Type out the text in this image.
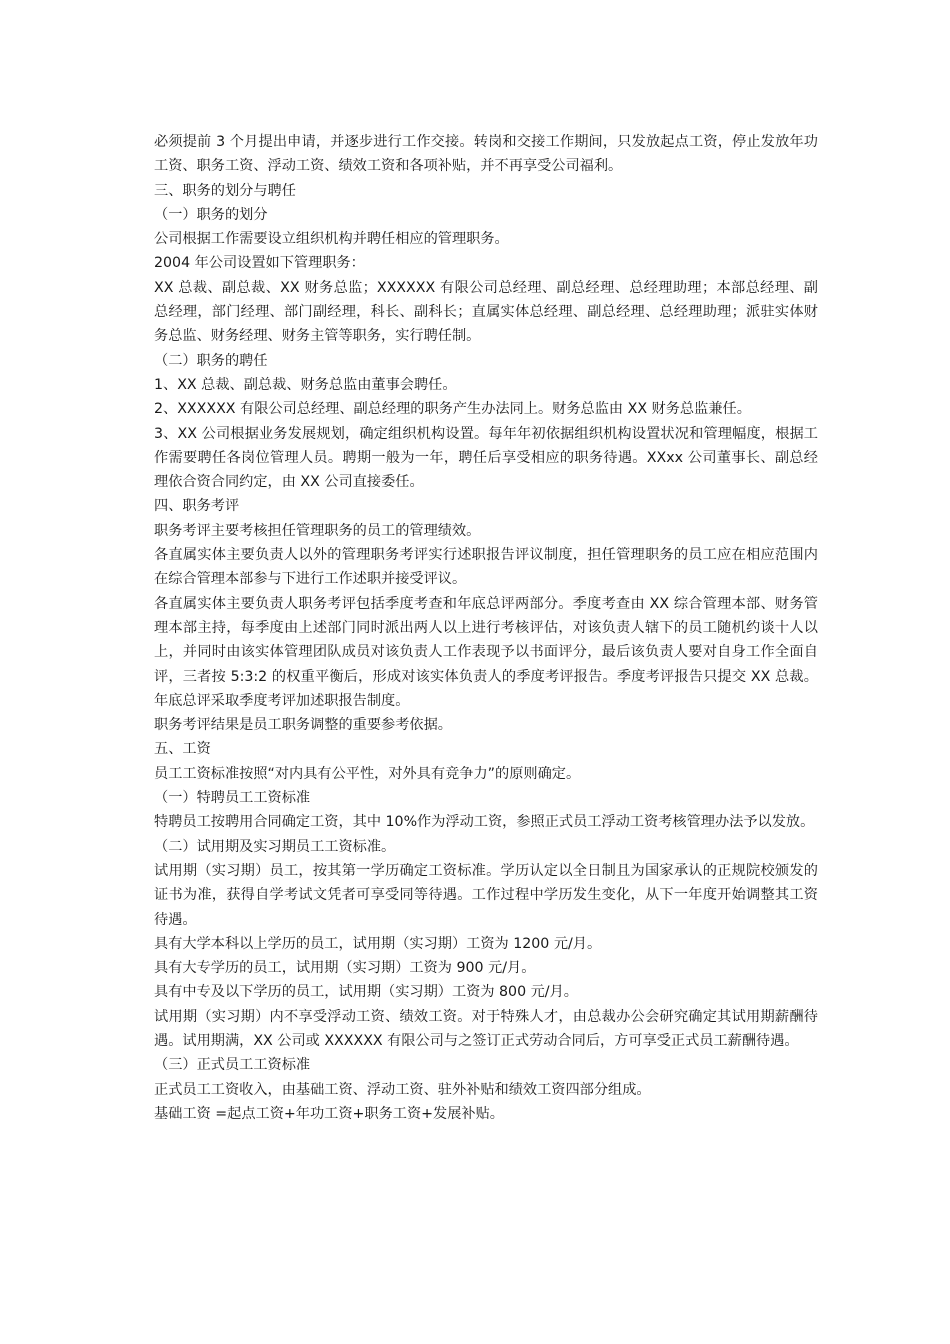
必须提前 3 个月提出申请，并逐步进行工作交接。转岗和交接工作期间，只发放起点工资，停止发放年功工资、职务工资、浮动工资、绩效工资和各项补贴，并不再享受公司福利。

三、职务的划分与聘任

（一）职务的划分

公司根据工作需要设立组织机构并聘任相应的管理职务。

2004 年公司设置如下管理职务：

XX 总裁、副总裁、XX 财务总监；XXXXXX 有限公司总经理、副总经理、总经理助理；本部总经理、副总经理，部门经理、部门副经理，科长、副科长；直属实体总经理、副总经理、总经理助理；派驻实体财务总监、财务经理、财务主管等职务，实行聘任制。

（二）职务的聘任

1、XX 总裁、副总裁、财务总监由董事会聘任。

2、XXXXXX 有限公司总经理、副总经理的职务产生办法同上。财务总监由 XX 财务总监兼任。

3、XX 公司根据业务发展规划，确定组织机构设置。每年年初依据组织机构设置状况和管理幅度，根据工作需要聘任各岗位管理人员。聘期一般为一年，聘任后享受相应的职务待遇。XXxx 公司董事长、副总经理依合资合同约定，由 XX 公司直接委任。

四、职务考评

职务考评主要考核担任管理职务的员工的管理绩效。

各直属实体主要负责人以外的管理职务考评实行述职报告评议制度，担任管理职务的员工应在相应范围内在综合管理本部参与下进行工作述职并接受评议。

各直属实体主要负责人职务考评包括季度考查和年底总评两部分。季度考查由 XX 综合管理本部、财务管理本部主持，每季度由上述部门同时派出两人以上进行考核评估，对该负责人辖下的员工随机约谈十人以上，并同时由该实体管理团队成员对该负责人工作表现予以书面评分，最后该负责人要对自身工作全面自评，三者按 5:3:2 的权重平衡后，形成对该实体负责人的季度考评报告。季度考评报告只提交 XX 总裁。年底总评采取季度考评加述职报告制度。

职务考评结果是员工职务调整的重要参考依据。

五、工资

员工工资标准按照“对内具有公平性，对外具有竞争力”的原则确定。

（一）特聘员工工资标准

特聘员工按聘用合同确定工资，其中 10%作为浮动工资，参照正式员工浮动工资考核管理办法予以发放。

（二）试用期及实习期员工工资标准。

试用期（实习期）员工，按其第一学历确定工资标准。学历认定以全日制且为国家承认的正规院校颁发的证书为准，获得自学考试文凭者可享受同等待遇。工作过程中学历发生变化，从下一年度开始调整其工资待遇。

具有大学本科以上学历的员工，试用期（实习期）工资为 1200 元/月。

具有大专学历的员工，试用期（实习期）工资为 900 元/月。

具有中专及以下学历的员工，试用期（实习期）工资为 800 元/月。

试用期（实习期）内不享受浮动工资、绩效工资。对于特殊人才，由总裁办公会研究确定其试用期薪酬待遇。试用期满，XX 公司或 XXXXXX 有限公司与之签订正式劳动合同后，方可享受正式员工薪酬待遇。

（三）正式员工工资标准

正式员工工资收入，由基础工资、浮动工资、驻外补贴和绩效工资四部分组成。

基础工资 =起点工资+年功工资+职务工资+发展补贴。
